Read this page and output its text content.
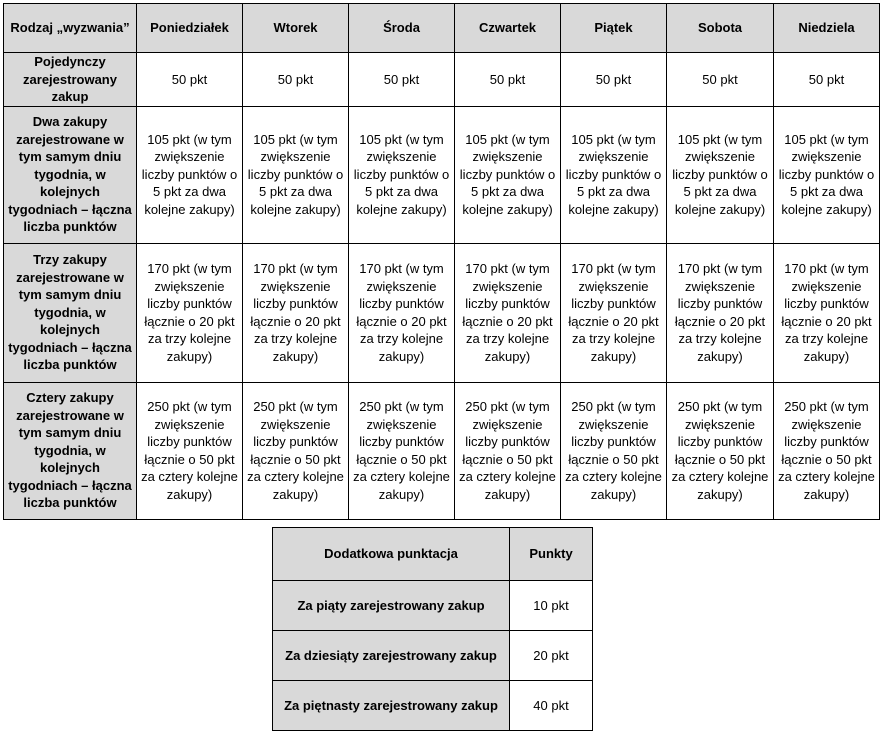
Rodzaj „wyzwania”	Poniedziałek	Wtorek	Środa	Czwartek	Piątek	Sobota	Niedziela
Pojedynczy zarejestrowany zakup	50 pkt	50 pkt	50 pkt	50 pkt	50 pkt	50 pkt	50 pkt
Dwa zakupy zarejestrowane w tym samym dniu tygodnia, w kolejnych tygodniach – łączna liczba punktów	105 pkt (w tym zwiększenie liczby punktów o 5 pkt za dwa kolejne zakupy)	105 pkt (w tym zwiększenie liczby punktów o 5 pkt za dwa kolejne zakupy)	105 pkt (w tym zwiększenie liczby punktów o 5 pkt za dwa kolejne zakupy)	105 pkt (w tym zwiększenie liczby punktów o 5 pkt za dwa kolejne zakupy)	105 pkt (w tym zwiększenie liczby punktów o 5 pkt za dwa kolejne zakupy)	105 pkt (w tym zwiększenie liczby punktów o 5 pkt za dwa kolejne zakupy)	105 pkt (w tym zwiększenie liczby punktów o 5 pkt za dwa kolejne zakupy)
Trzy zakupy zarejestrowane w tym samym dniu tygodnia, w kolejnych tygodniach – łączna liczba punktów	170 pkt (w tym zwiększenie liczby punktów łącznie o 20 pkt za trzy kolejne zakupy)	170 pkt (w tym zwiększenie liczby punktów łącznie o 20 pkt za trzy kolejne zakupy)	170 pkt (w tym zwiększenie liczby punktów łącznie o 20 pkt za trzy kolejne zakupy)	170 pkt (w tym zwiększenie liczby punktów łącznie o 20 pkt za trzy kolejne zakupy)	170 pkt (w tym zwiększenie liczby punktów łącznie o 20 pkt za trzy kolejne zakupy)	170 pkt (w tym zwiększenie liczby punktów łącznie o 20 pkt za trzy kolejne zakupy)	170 pkt (w tym zwiększenie liczby punktów łącznie o 20 pkt za trzy kolejne zakupy)
Cztery zakupy zarejestrowane w tym samym dniu tygodnia, w kolejnych tygodniach – łączna liczba punktów	250 pkt (w tym zwiększenie liczby punktów łącznie o 50 pkt za cztery kolejne zakupy)	250 pkt (w tym zwiększenie liczby punktów łącznie o 50 pkt za cztery kolejne zakupy)	250 pkt (w tym zwiększenie liczby punktów łącznie o 50 pkt za cztery kolejne zakupy)	250 pkt (w tym zwiększenie liczby punktów łącznie o 50 pkt za cztery kolejne zakupy)	250 pkt (w tym zwiększenie liczby punktów łącznie o 50 pkt za cztery kolejne zakupy)	250 pkt (w tym zwiększenie liczby punktów łącznie o 50 pkt za cztery kolejne zakupy)	250 pkt (w tym zwiększenie liczby punktów łącznie o 50 pkt za cztery kolejne zakupy)
Dodatkowa punktacja	Punkty
Za piąty zarejestrowany zakup	10 pkt
Za dziesiąty zarejestrowany zakup	20 pkt
Za piętnasty zarejestrowany zakup	40 pkt
